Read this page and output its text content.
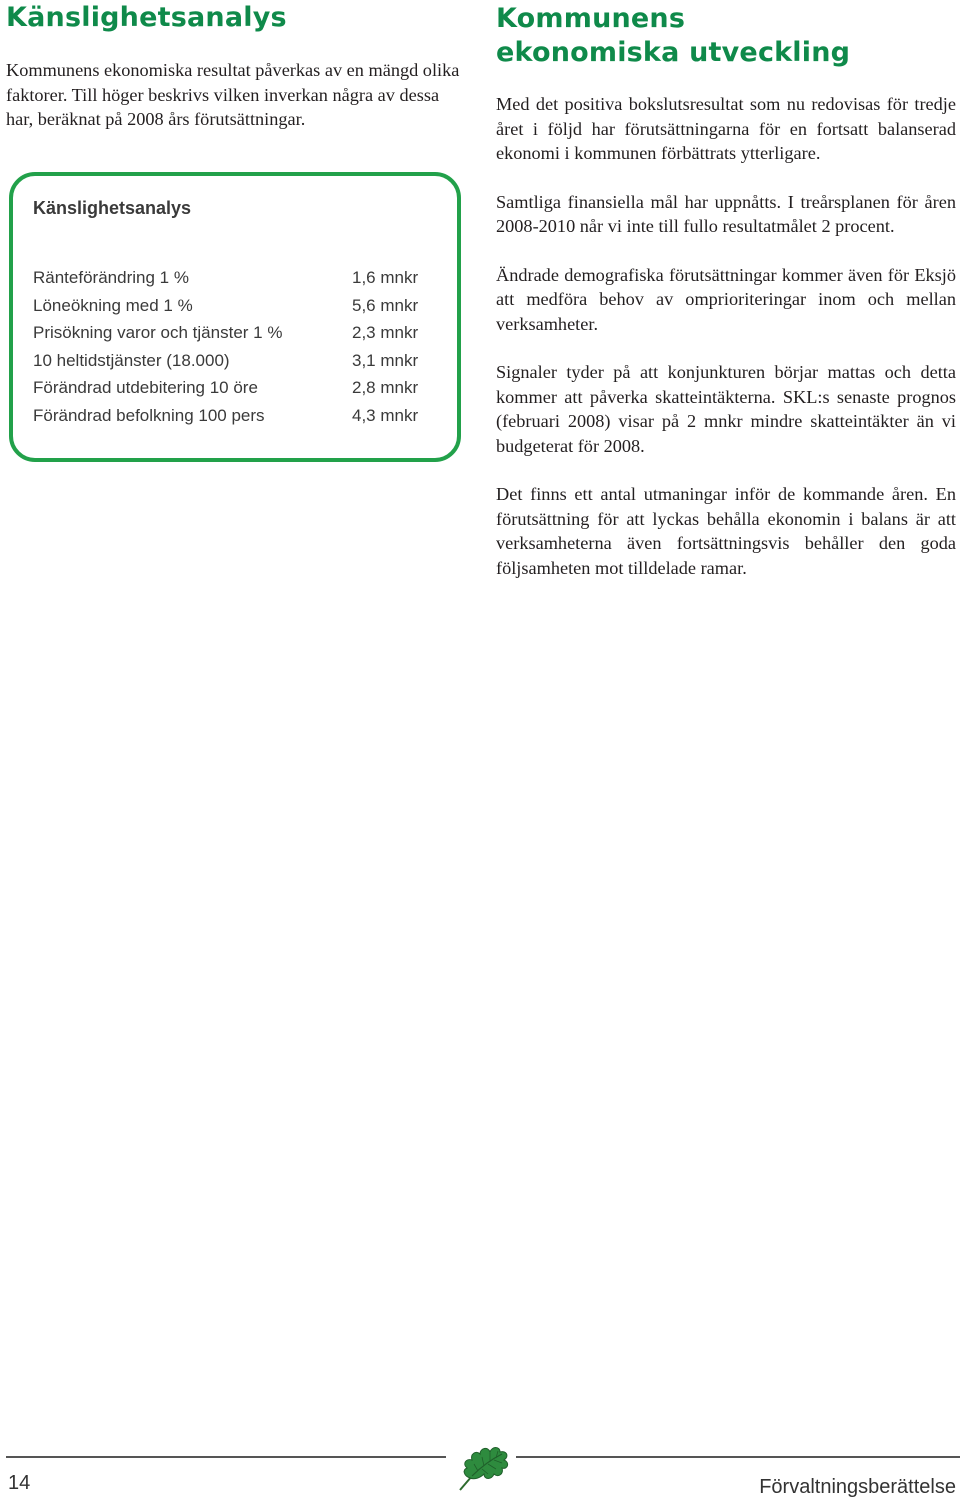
Känslighetsanalys

Kommunens ekonomiska resultat påverkas av en mängd olika faktorer. Till höger beskrivs vilken inverkan några av dessa har, beräknat på 2008 års förutsättningar.

Känslighetsanalys
Ränteförändring 1 %	1,6 mnkr
Löneökning med 1 %	5,6 mnkr
Prisökning varor och tjänster 1 %	2,3 mnkr
10 heltidstjänster (18.000)	3,1 mnkr
Förändrad utdebitering 10 öre	2,8 mnkr
Förändrad befolkning 100 pers	4,3 mnkr
Kommunens
ekonomiska utveckling

Med det positiva bokslutsresultat som nu redovisas för tredje året i följd har förutsättningarna för en fortsatt balanserad ekonomi i kommunen förbättrats ytterligare.

Samtliga finansiella mål har uppnåtts. I treårsplanen för åren 2008-2010 når vi inte till fullo resultatmålet 2 procent.

Ändrade demografiska förutsättningar kommer även för Eksjö att medföra behov av omprioriteringar inom och mellan verksamheter.

Signaler tyder på att konjunkturen börjar mattas och detta kommer att påverka skatteintäkterna. SKL:s senaste prognos (februari 2008) visar på 2 mnkr mindre skatteintäkter än vi budgeterat för 2008.

Det finns ett antal utmaningar inför de kommande åren. En förutsättning för att lyckas behålla ekonomin i balans är att verksamheterna även fortsättningsvis behåller den goda följsamheten mot tilldelade ramar.

14	Förvaltningsberättelse
